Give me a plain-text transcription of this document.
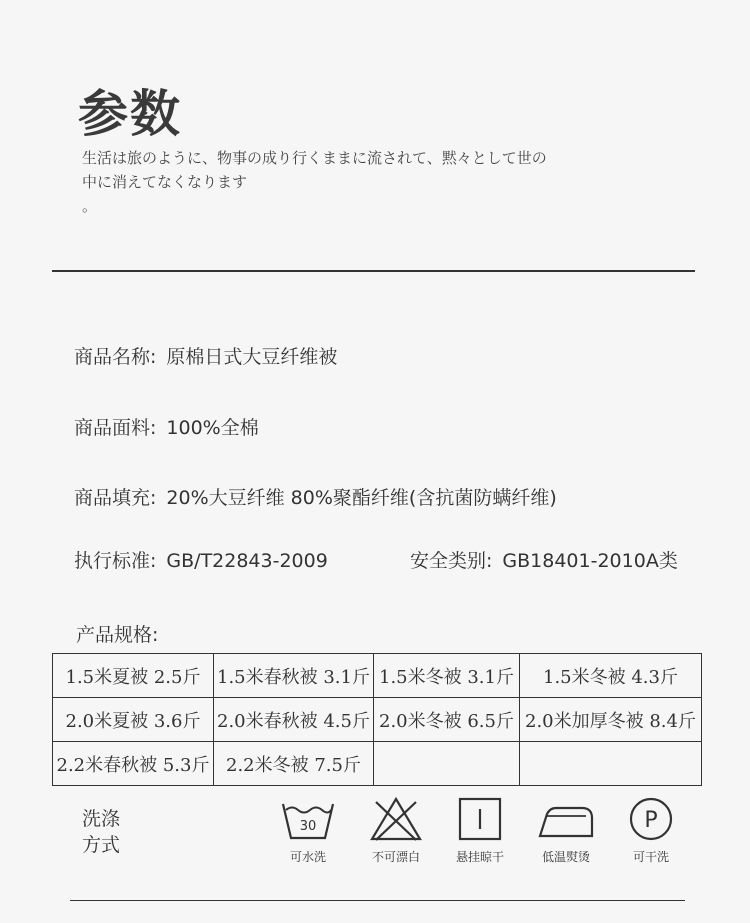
参数
生活は旅のように、物事の成り行くままに流されて、黙々として世の
中に消えてなくなります
。
商品名称: 原棉日式大豆纤维被
商品面料: 100%全棉
商品填充: 20%大豆纤维 80%聚酯纤维(含抗菌防螨纤维)
执行标准: GB/T22843-2009	安全类别: GB18401-2010A类
产品规格:
1.5米夏被 2.5斤	1.5米春秋被 3.1斤	1.5米冬被 3.1斤	1.5米冬被 4.3斤
2.0米夏被 3.6斤	2.0米春秋被 4.5斤	2.0米冬被 6.5斤	2.0米加厚冬被 8.4斤
2.2米春秋被 5.3斤	2.2米冬被 7.5斤		
洗涤
方式
30
可水洗	不可漂白	悬挂晾干	低温熨烫
P
可干洗
